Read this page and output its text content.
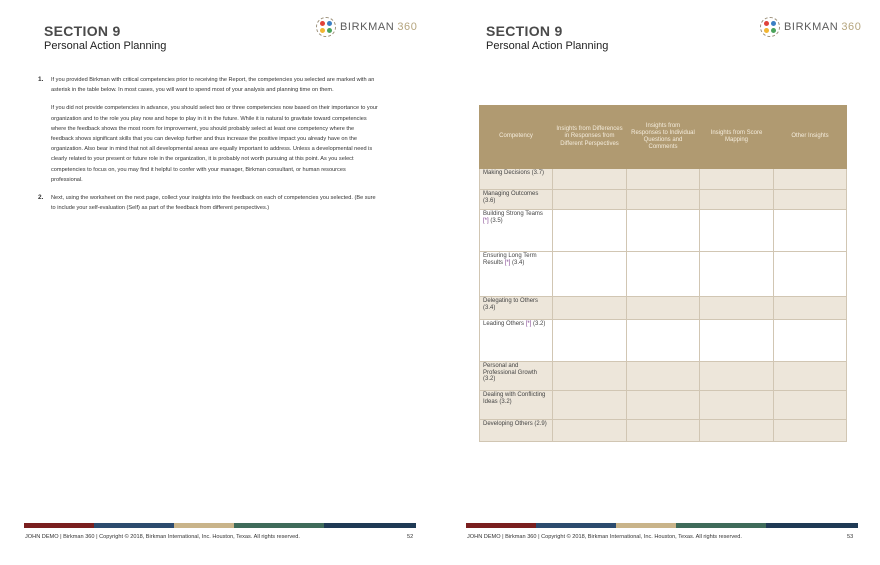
SECTION 9
Personal Action Planning
BIRKMAN 360
1. If you provided Birkman with critical competencies prior to receiving the Report, the competencies you selected are marked with an asterisk in the table below. In most cases, you will want to spend most of your analysis and planning time on them.

If you did not provide competencies in advance, you should select two or three competencies now based on their importance to your organization and to the role you play now and hope to play in it in the future. While it is natural to gravitate toward competencies where the feedback shows the most room for improvement, you should probably select at least one competency where the feedback shows significant skills that you can develop further and thus increase the positive impact you already have on the organization. Also bear in mind that not all developmental areas are equally important to address. Unless a developmental need is clearly related to your present or future role in the organization, it is probably not worth pursuing at this point. As you select competencies to focus on, you may find it helpful to confer with your manager, Birkman consultant, or human resources professional.

2. Next, using the worksheet on the next page, collect your insights into the feedback on each of competencies you selected. (Be sure to include your self-evaluation (Self) as part of the feedback from different perspectives.)

JOHN DEMO | Birkman 360 | Copyright © 2018, Birkman International, Inc. Houston, Texas. All rights reserved.	52
SECTION 9
Personal Action Planning
BIRKMAN 360
JOHN DEMO | Birkman 360 | Copyright © 2018, Birkman International, Inc. Houston, Texas. All rights reserved.	53
Competency	Insights from Differences in Responses from Different Perspectives	Insights from Responses to Individual Questions and Comments	Insights from Score Mapping	Other Insights
Making Decisions (3.7)				
Managing Outcomes (3.6)				
Building Strong Teams [*] (3.5)				
Ensuring Long Term Results [*] (3.4)				
Delegating to Others (3.4)				
Leading Others [*] (3.2)				
Personal and Professional Growth (3.2)				
Dealing with Conflicting Ideas (3.2)				
Developing Others (2.9)				
